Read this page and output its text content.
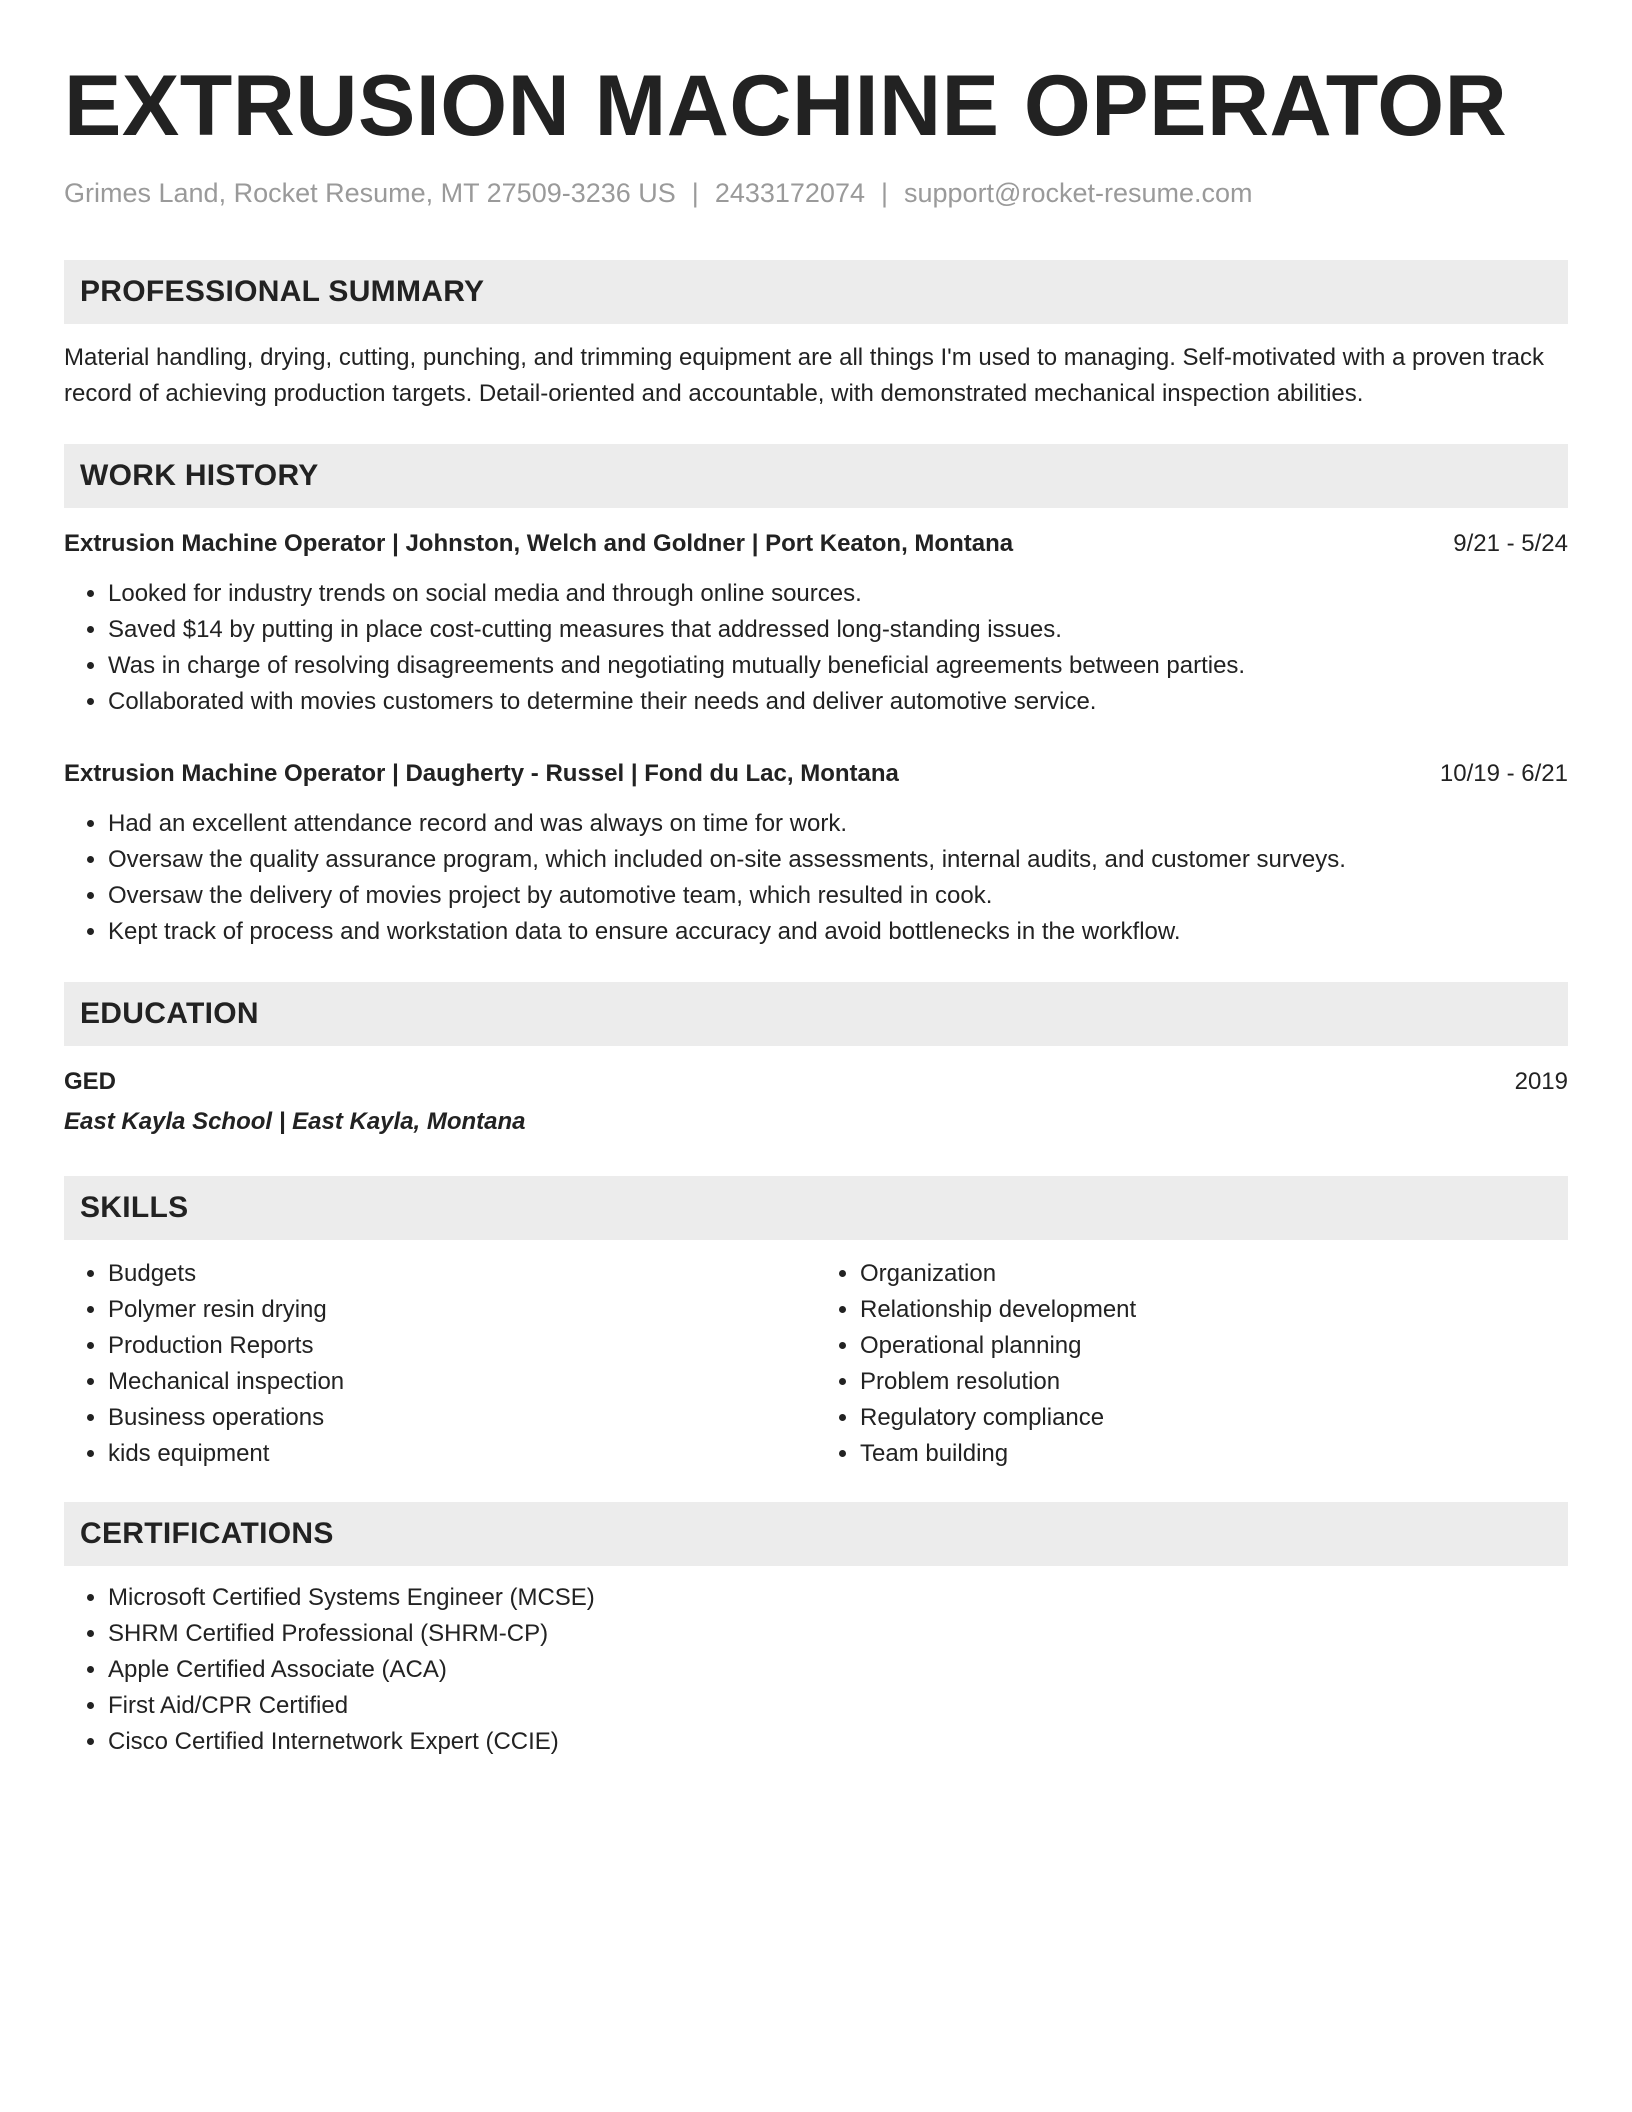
EXTRUSION MACHINE OPERATOR
Grimes Land, Rocket Resume, MT 27509-3236 US | 2433172074 | support@rocket-resume.com
PROFESSIONAL SUMMARY

Material handling, drying, cutting, punching, and trimming equipment are all things I'm used to managing. Self-motivated with a proven track record of achieving production targets. Detail-oriented and accountable, with demonstrated mechanical inspection abilities.

WORK HISTORY
Extrusion Machine Operator | Johnston, Welch and Goldner | Port Keaton, Montana	9/21 - 5/24
• Looked for industry trends on social media and through online sources.
• Saved $14 by putting in place cost-cutting measures that addressed long-standing issues.
• Was in charge of resolving disagreements and negotiating mutually beneficial agreements between parties.
• Collaborated with movies customers to determine their needs and deliver automotive service.
Extrusion Machine Operator | Daugherty - Russel | Fond du Lac, Montana	10/19 - 6/21
• Had an excellent attendance record and was always on time for work.
• Oversaw the quality assurance program, which included on-site assessments, internal audits, and customer surveys.
• Oversaw the delivery of movies project by automotive team, which resulted in cook.
• Kept track of process and workstation data to ensure accuracy and avoid bottlenecks in the workflow.
EDUCATION
GED	2019
East Kayla School | East Kayla, Montana
SKILLS
• Budgets
• Polymer resin drying
• Production Reports
• Mechanical inspection
• Business operations
• kids equipment
• Organization
• Relationship development
• Operational planning
• Problem resolution
• Regulatory compliance
• Team building
CERTIFICATIONS
• Microsoft Certified Systems Engineer (MCSE)
• SHRM Certified Professional (SHRM-CP)
• Apple Certified Associate (ACA)
• First Aid/CPR Certified
• Cisco Certified Internetwork Expert (CCIE)
